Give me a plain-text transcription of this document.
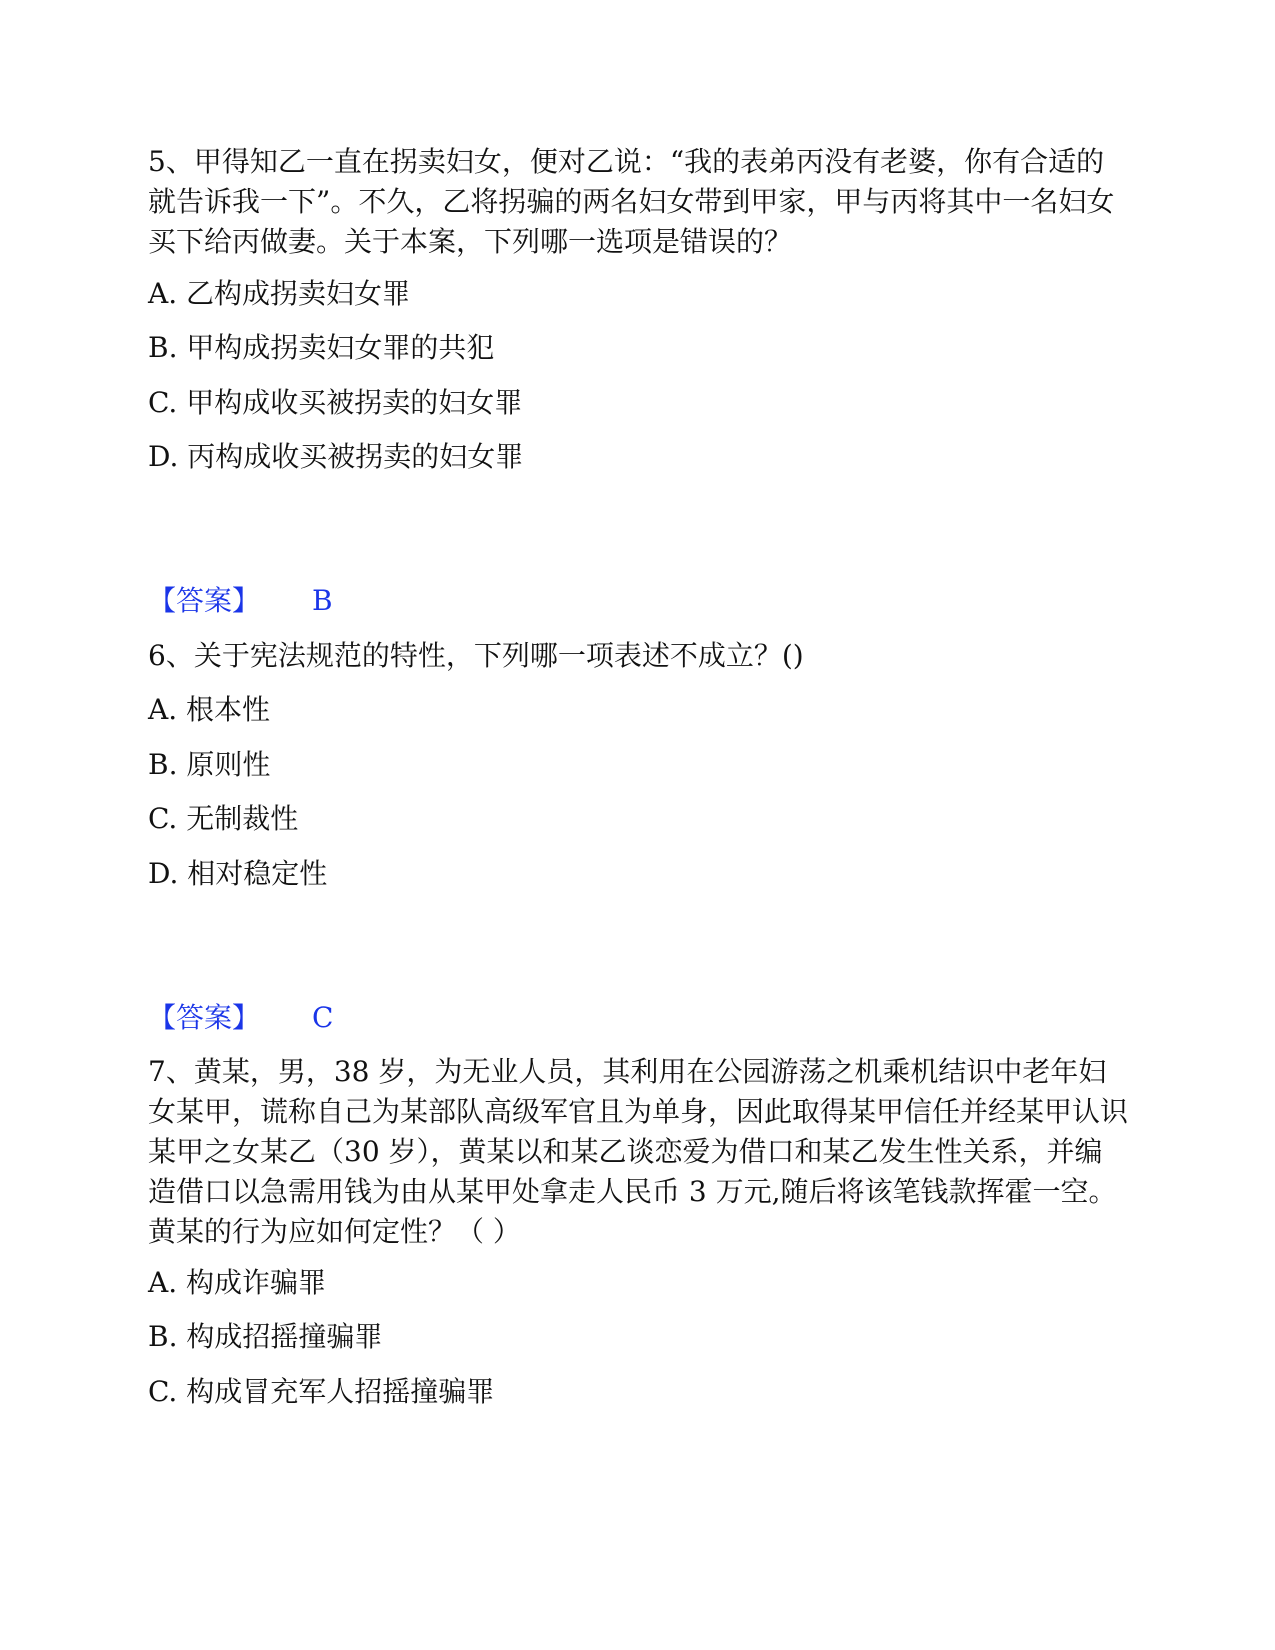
5、甲得知乙一直在拐卖妇女，便对乙说：“我的表弟丙没有老婆，你有合适的就告诉我一下”。不久，乙将拐骗的两名妇女带到甲家，甲与丙将其中一名妇女买下给丙做妻。关于本案，下列哪一选项是错误的？
A. 乙构成拐卖妇女罪
B. 甲构成拐卖妇女罪的共犯
C. 甲构成收买被拐卖的妇女罪
D. 丙构成收买被拐卖的妇女罪
【答案】 B
6、关于宪法规范的特性，下列哪一项表述不成立？()
A. 根本性
B. 原则性
C. 无制裁性
D. 相对稳定性
【答案】 C
7、黄某，男，38 岁，为无业人员，其利用在公园游荡之机乘机结识中老年妇女某甲，谎称自己为某部队高级军官且为单身，因此取得某甲信任并经某甲认识某甲之女某乙（30 岁），黄某以和某乙谈恋爱为借口和某乙发生性关系，并编造借口以急需用钱为由从某甲处拿走人民币 3 万元,随后将该笔钱款挥霍一空。黄某的行为应如何定性？（ ）
A. 构成诈骗罪
B. 构成招摇撞骗罪
C. 构成冒充军人招摇撞骗罪
